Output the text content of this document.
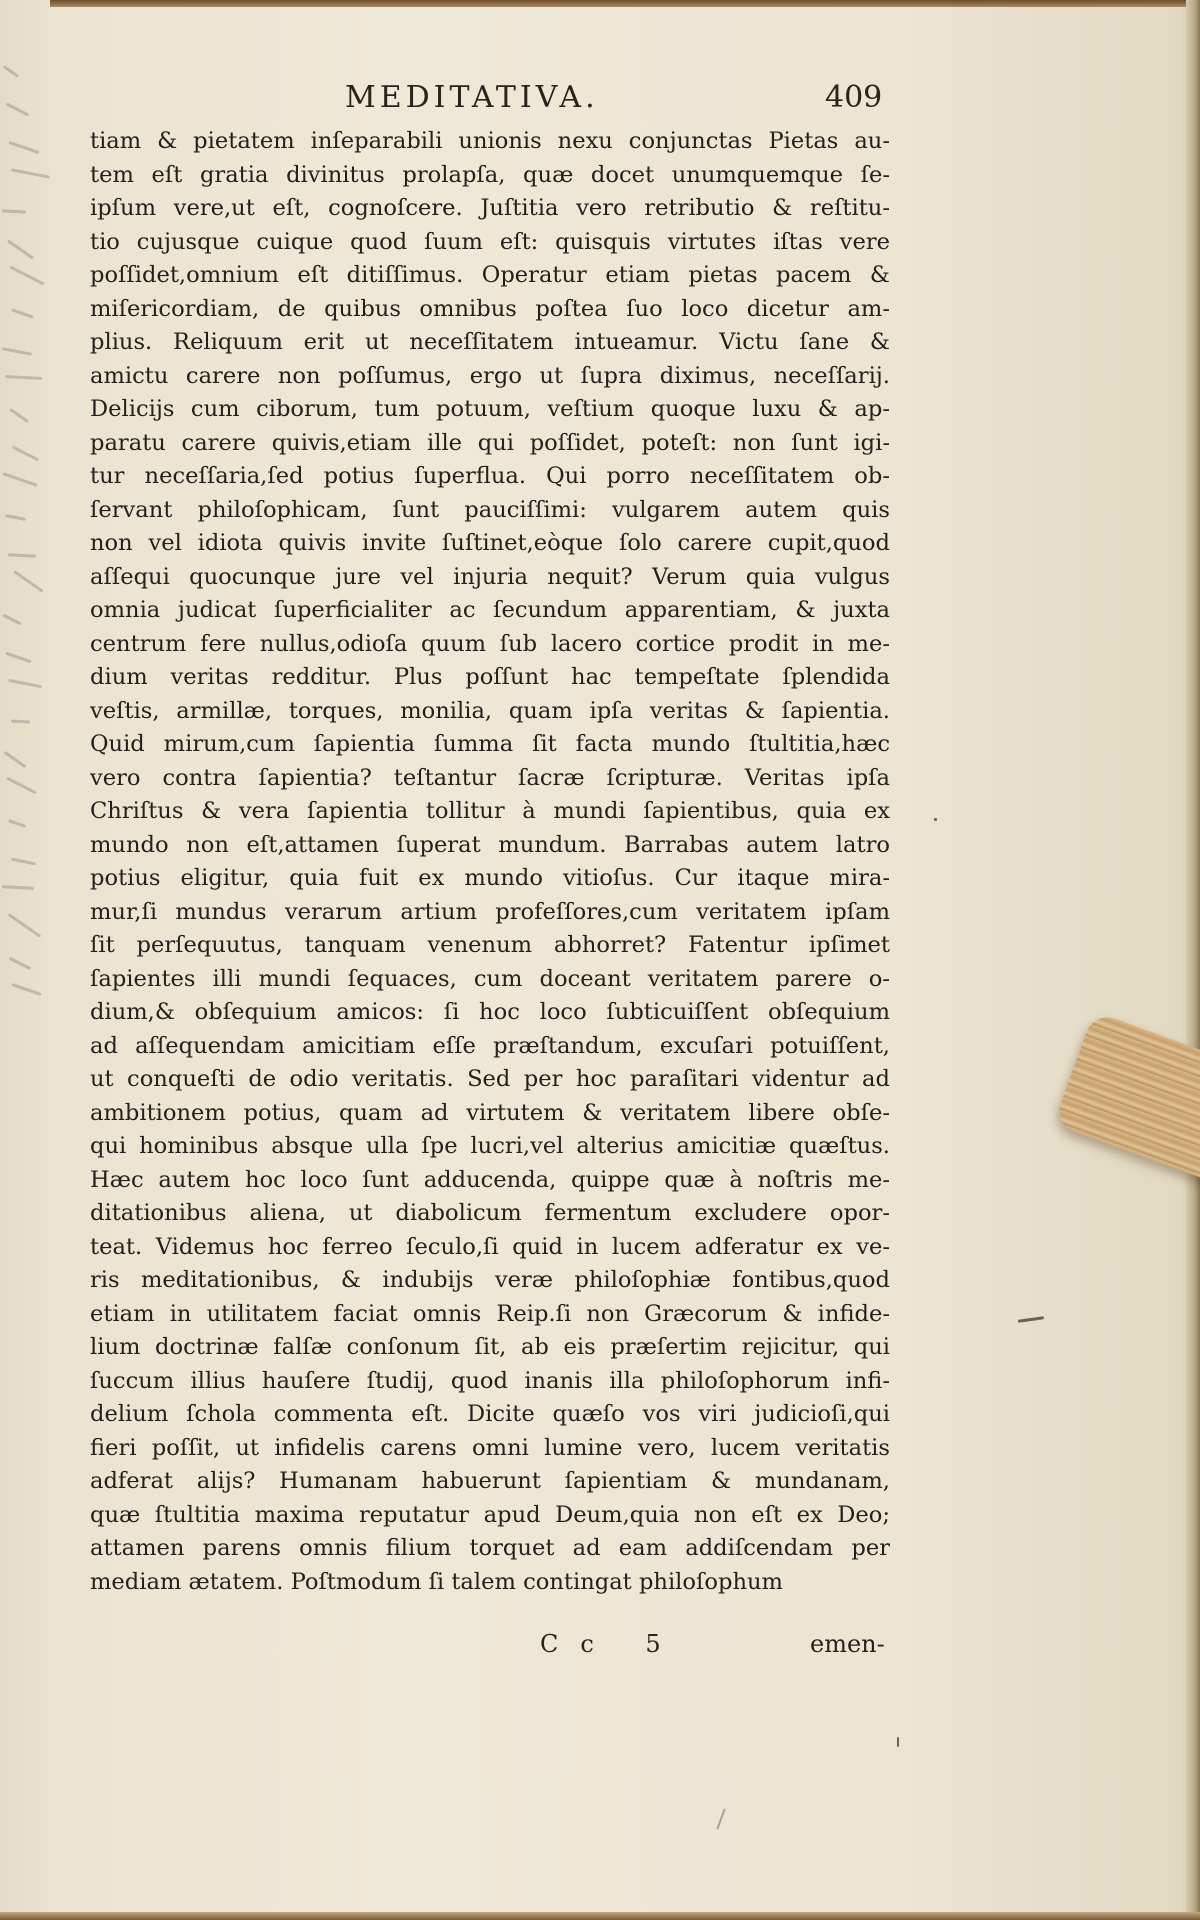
MEDITATIVA.	409
tiam & pietatem inſeparabili unionis nexu conjunctas Pietas au-
tem eſt gratia divinitus prolapſa, quæ docet unumquemque ſe-
ipſum vere,ut eſt, cognoſcere. Juſtitia vero retributio & reſtitu-
tio cujusque cuique quod ſuum eſt: quisquis virtutes iſtas vere
poſſidet,omnium eſt ditiſſimus. Operatur etiam pietas pacem &
miſericordiam, de quibus omnibus poſtea ſuo loco dicetur am-
plius. Reliquum erit ut neceſſitatem intueamur. Victu ſane &
amictu carere non poſſumus, ergo ut ſupra diximus, neceſſarij.
Delicijs cum ciborum, tum potuum, veſtium quoque luxu & ap-
paratu carere quivis,etiam ille qui poſſidet, poteſt: non ſunt igi-
tur neceſſaria,ſed potius ſuperflua. Qui porro neceſſitatem ob-
ſervant philoſophicam, ſunt pauciſſimi: vulgarem autem quis
non vel idiota quivis invite ſuſtinet,eòque ſolo carere cupit,quod
aſſequi quocunque jure vel injuria nequit? Verum quia vulgus
omnia judicat ſuperficialiter ac ſecundum apparentiam, & juxta
centrum fere nullus,odioſa quum ſub lacero cortice prodit in me-
dium veritas redditur. Plus poſſunt hac tempeſtate ſplendida
veſtis, armillæ, torques, monilia, quam ipſa veritas & ſapientia.
Quid mirum,cum ſapientia ſumma ſit facta mundo ſtultitia,hæc
vero contra ſapientia? teſtantur ſacræ ſcripturæ. Veritas ipſa
Chriſtus & vera ſapientia tollitur à mundi ſapientibus, quia ex
mundo non eſt,attamen ſuperat mundum. Barrabas autem latro
potius eligitur, quia fuit ex mundo vitioſus. Cur itaque mira-
mur,ſi mundus verarum artium profeſſores,cum veritatem ipſam
ſit perſequutus, tanquam venenum abhorret? Fatentur ipſimet
ſapientes illi mundi ſequaces, cum doceant veritatem parere o-
dium,& obſequium amicos: ſi hoc loco ſubticuiſſent obſequium
ad aſſequendam amicitiam eſſe præſtandum, excuſari potuiſſent,
ut conqueſti de odio veritatis. Sed per hoc paraſitari videntur ad
ambitionem potius, quam ad virtutem & veritatem libere obſe-
qui hominibus absque ulla ſpe lucri,vel alterius amicitiæ quæſtus.
Hæc autem hoc loco ſunt adducenda, quippe quæ à noſtris me-
ditationibus aliena, ut diabolicum fermentum excludere opor-
teat. Videmus hoc ferreo ſeculo,ſi quid in lucem adferatur ex ve-
ris meditationibus, & indubijs veræ philoſophiæ fontibus,quod
etiam in utilitatem faciat omnis Reip.ſi non Græcorum & infide-
lium doctrinæ falſæ conſonum ſit, ab eis præſertim rejicitur, qui
ſuccum illius hauſere ſtudij, quod inanis illa philoſophorum infi-
delium ſchola commenta eſt. Dicite quæſo vos viri judicioſi,qui
fieri poſſit, ut infidelis carens omni lumine vero, lucem veritatis
adferat alijs? Humanam habuerunt ſapientiam & mundanam,
quæ ſtultitia maxima reputatur apud Deum,quia non eſt ex Deo;
attamen parens omnis filium torquet ad eam addiſcendam per
mediam ætatem. Poſtmodum ſi talem contingat philoſophum
Cc 5	emen-
